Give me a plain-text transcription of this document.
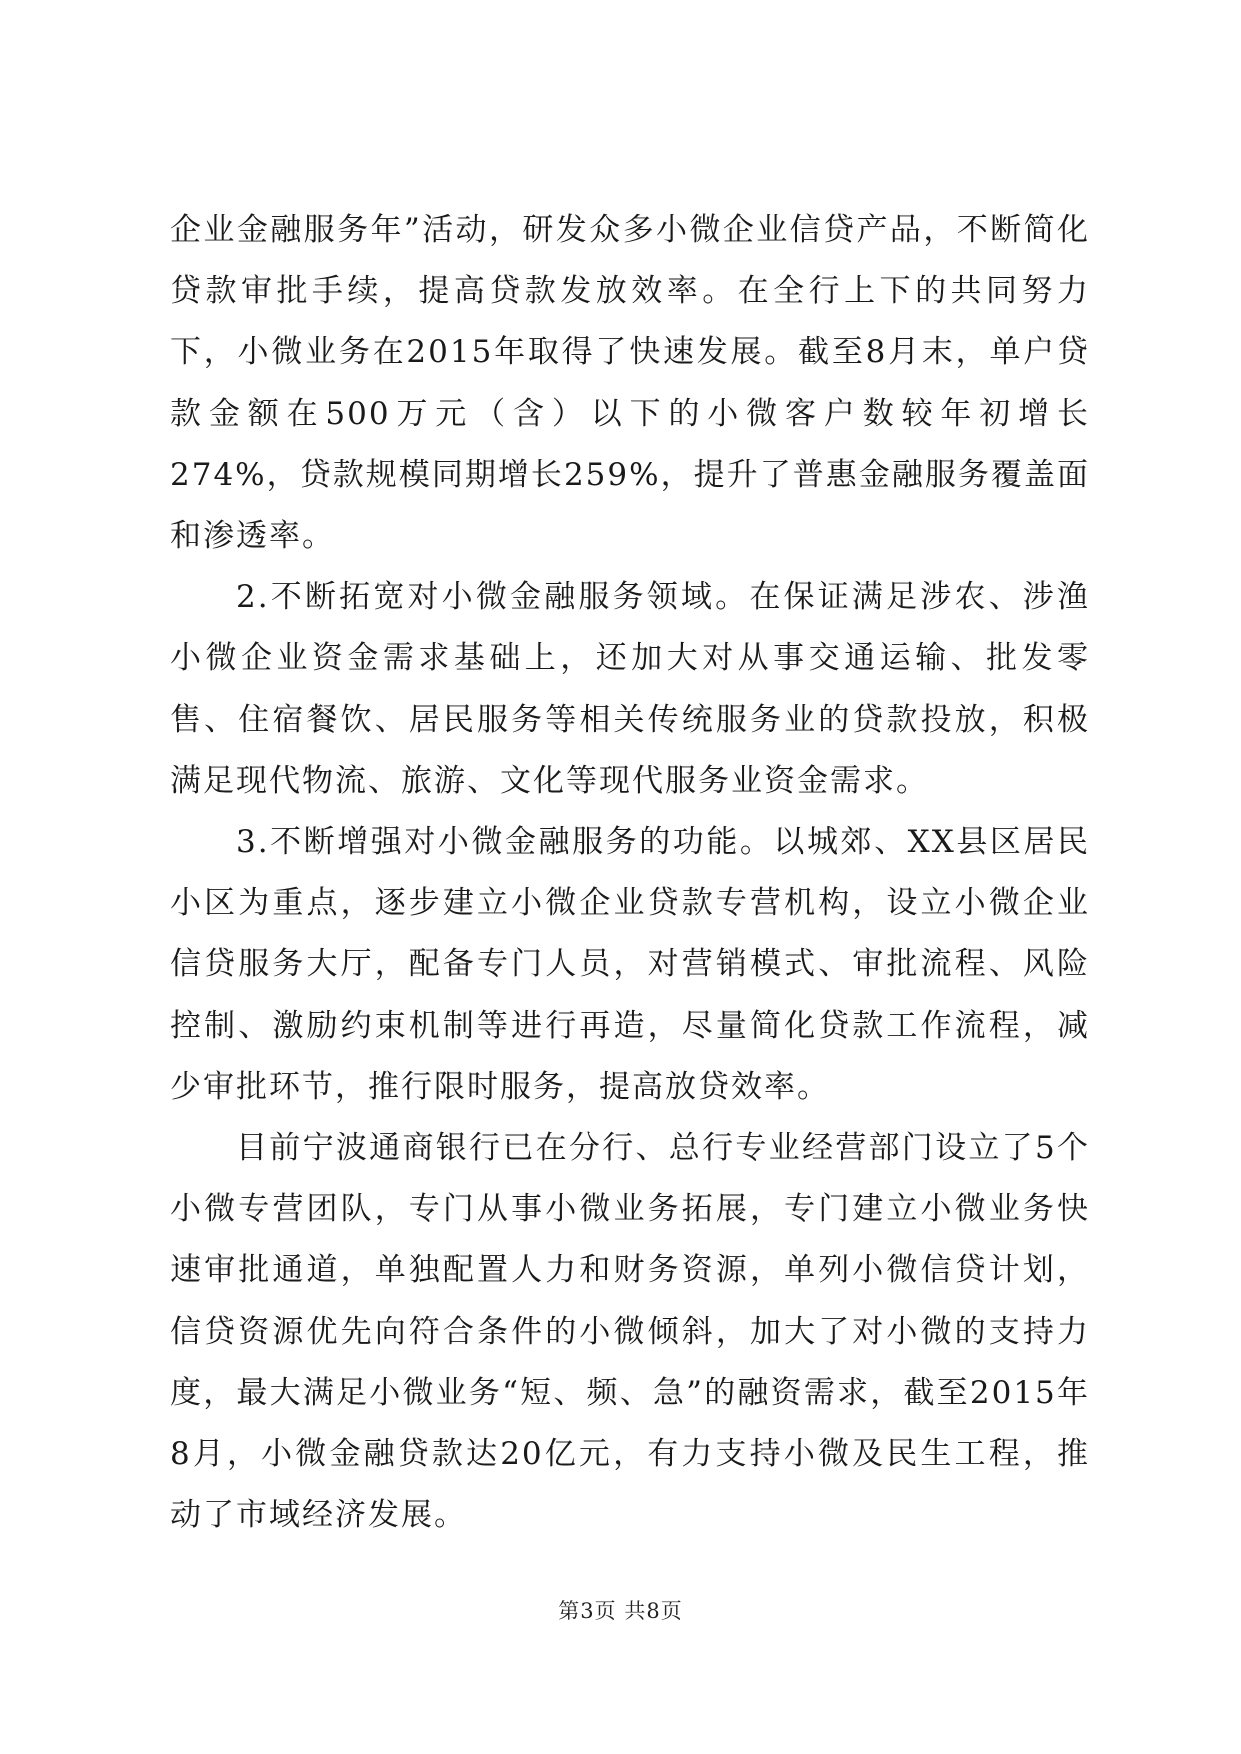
企业金融服务年”活动，研发众多小微企业信贷产品，不断简化贷款审批手续，提高贷款发放效率。在全行上下的共同努力下，小微业务在2015年取得了快速发展。截至8月末，单户贷款金额在500万元（含）以下的小微客户数较年初增长274%，贷款规模同期增长259%，提升了普惠金融服务覆盖面和渗透率。

2.不断拓宽对小微金融服务领域。在保证满足涉农、涉渔小微企业资金需求基础上，还加大对从事交通运输、批发零售、住宿餐饮、居民服务等相关传统服务业的贷款投放，积极满足现代物流、旅游、文化等现代服务业资金需求。

3.不断增强对小微金融服务的功能。以城郊、XX县区居民小区为重点，逐步建立小微企业贷款专营机构，设立小微企业信贷服务大厅，配备专门人员，对营销模式、审批流程、风险控制、激励约束机制等进行再造，尽量简化贷款工作流程，减少审批环节，推行限时服务，提高放贷效率。

目前宁波通商银行已在分行、总行专业经营部门设立了5个小微专营团队，专门从事小微业务拓展，专门建立小微业务快速审批通道，单独配置人力和财务资源，单列小微信贷计划，信贷资源优先向符合条件的小微倾斜，加大了对小微的支持力度，最大满足小微业务“短、频、急”的融资需求，截至2015年8月，小微金融贷款达20亿元，有力支持小微及民生工程，推动了市域经济发展。

第3页 共8页
